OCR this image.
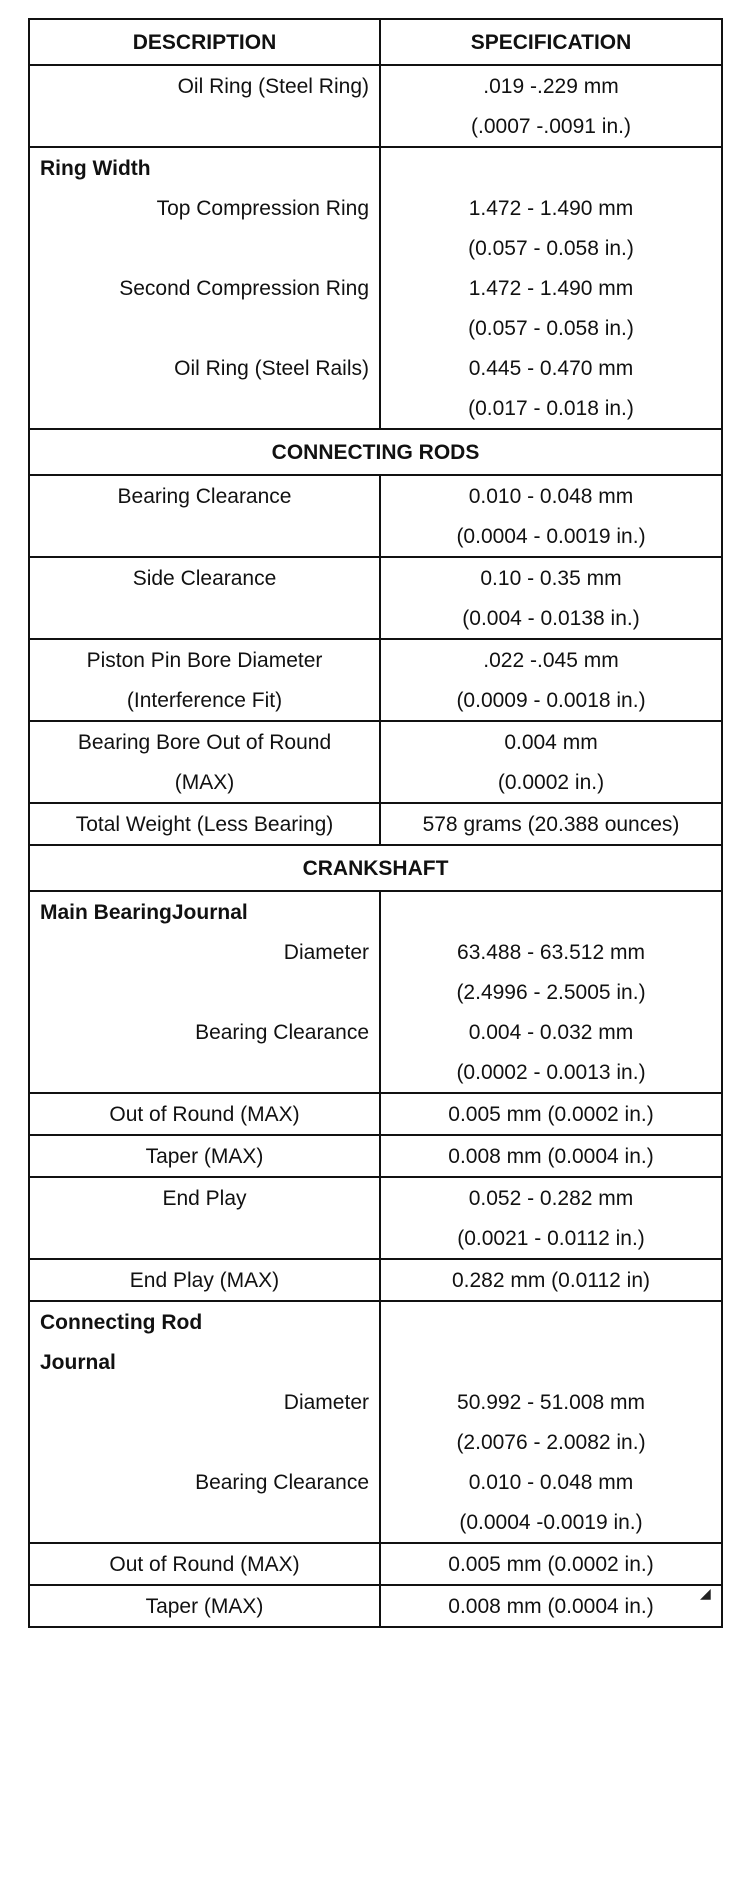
DESCRIPTION	SPECIFICATION
Oil Ring (Steel Ring)	.019 -.229 mm
	(.0007 -.0091 in.)
Ring Width	
Top Compression Ring	1.472 - 1.490 mm
	(0.057 - 0.058 in.)
Second Compression Ring	1.472 - 1.490 mm
	(0.057 - 0.058 in.)
Oil Ring (Steel Rails)	0.445 - 0.470 mm
	(0.017 - 0.018 in.)
CONNECTING RODS	
Bearing Clearance	0.010 - 0.048 mm
	(0.0004 - 0.0019 in.)
Side Clearance	0.10 - 0.35 mm
	(0.004 - 0.0138 in.)
Piston Pin Bore Diameter	.022 -.045 mm
(Interference Fit)	(0.0009 - 0.0018 in.)
Bearing Bore Out of Round	0.004 mm
(MAX)	(0.0002 in.)
Total Weight (Less Bearing)	578 grams (20.388 ounces)
CRANKSHAFT	
Main BearingJournal	
Diameter	63.488 - 63.512 mm
	(2.4996 - 2.5005 in.)
Bearing Clearance	0.004 - 0.032 mm
	(0.0002 - 0.0013 in.)
Out of Round (MAX)	0.005 mm (0.0002 in.)
Taper (MAX)	0.008 mm (0.0004 in.)
End Play	0.052 - 0.282 mm
	(0.0021 - 0.0112 in.)
End Play (MAX)	0.282 mm (0.0112 in)
Connecting Rod	
Journal	
Diameter	50.992 - 51.008 mm
	(2.0076 - 2.0082 in.)
Bearing Clearance	0.010 - 0.048 mm
	(0.0004 -0.0019 in.)
Out of Round (MAX)	0.005 mm (0.0002 in.)
Taper (MAX)	0.008 mm (0.0004 in.)
◢
